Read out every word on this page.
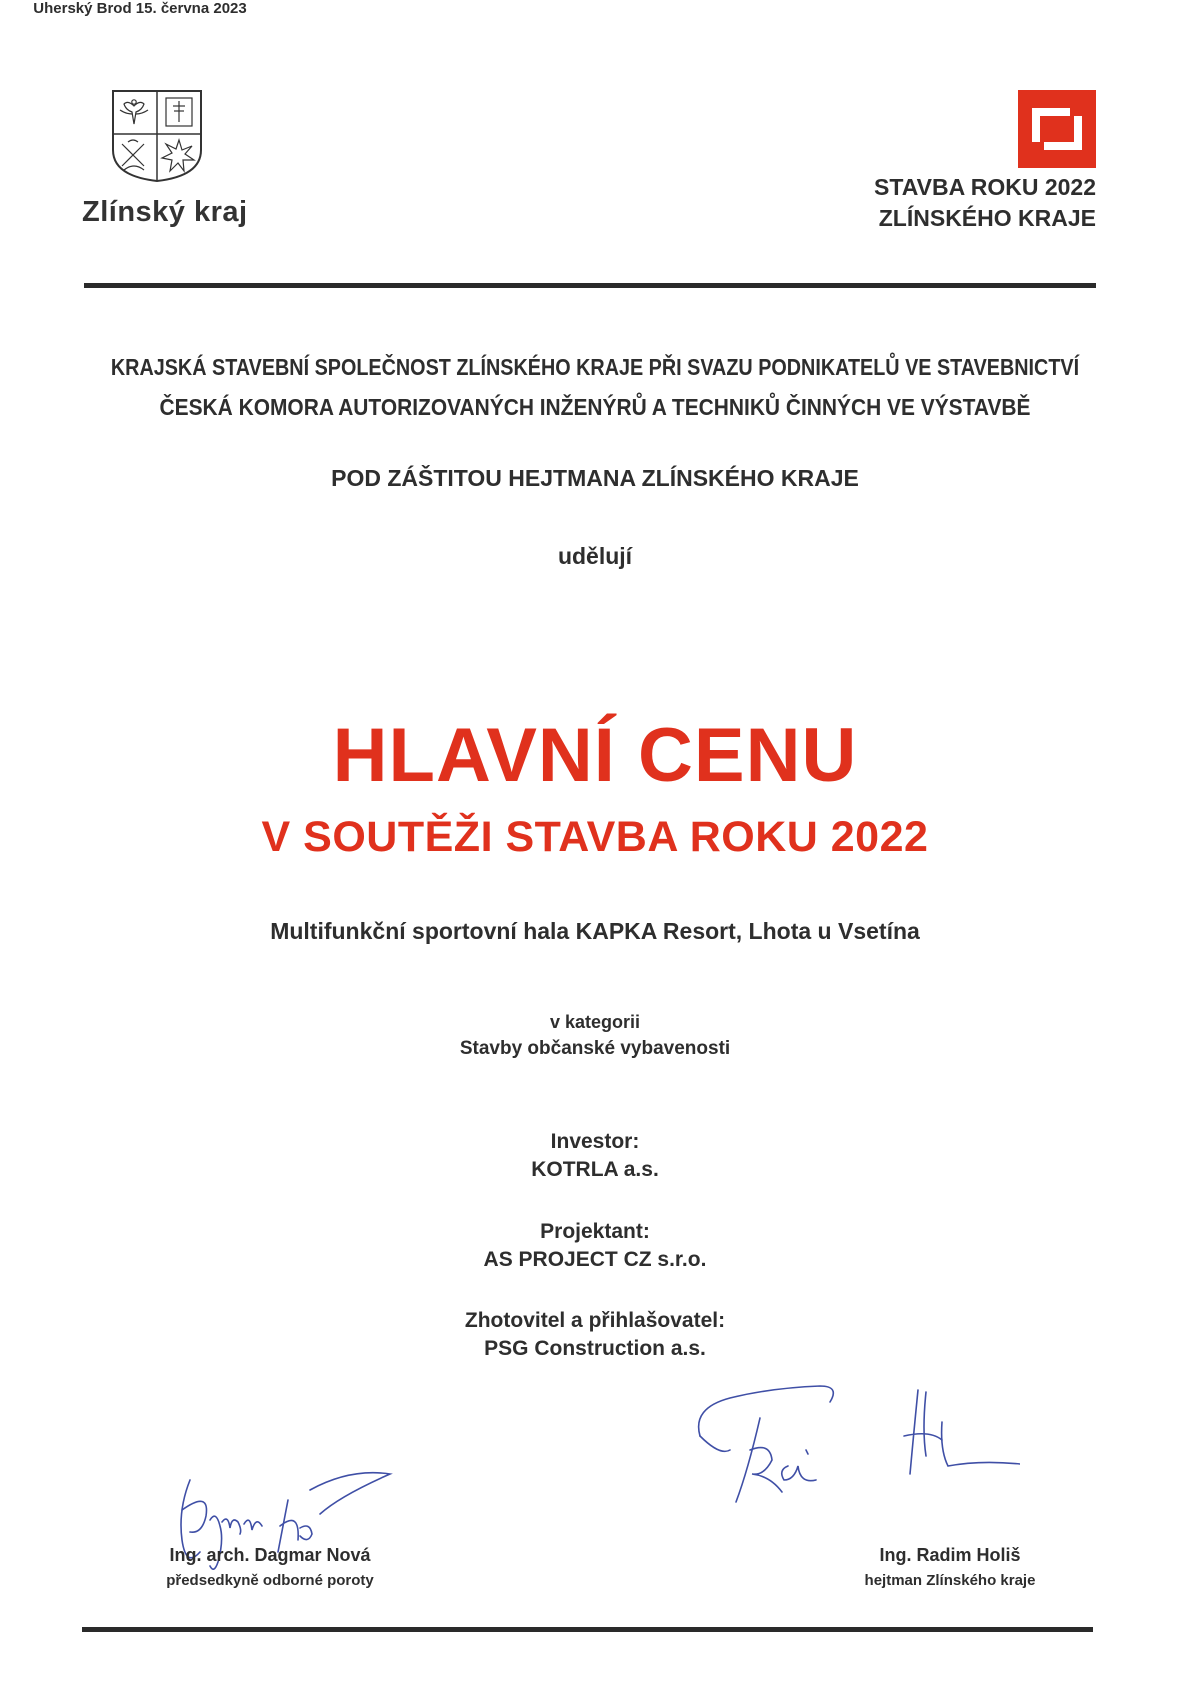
Zlínský kraj
STAVBA ROKU 2022
ZLÍNSKÉHO KRAJE
KRAJSKÁ STAVEBNÍ SPOLEČNOST ZLÍNSKÉHO KRAJE PŘI SVAZU PODNIKATELŮ VE STAVEBNICTVÍ
ČESKÁ KOMORA AUTORIZOVANÝCH INŽENÝRŮ A TECHNIKŮ ČINNÝCH VE VÝSTAVBĚ
POD ZÁŠTITOU HEJTMANA ZLÍNSKÉHO KRAJE
udělují
HLAVNÍ CENU
V SOUTĚŽI STAVBA ROKU 2022
Multifunkční sportovní hala KAPKA Resort, Lhota u Vsetína
v kategorii
Stavby občanské vybavenosti
Investor:
KOTRLA a.s.
Projektant:
AS PROJECT CZ s.r.o.
Zhotovitel a přihlašovatel:
PSG Construction a.s.
Ing. arch. Dagmar Nová
předsedkyně odborné poroty
Uherský Brod 15. června 2023
Ing. Radim Holiš
hejtman Zlínského kraje
